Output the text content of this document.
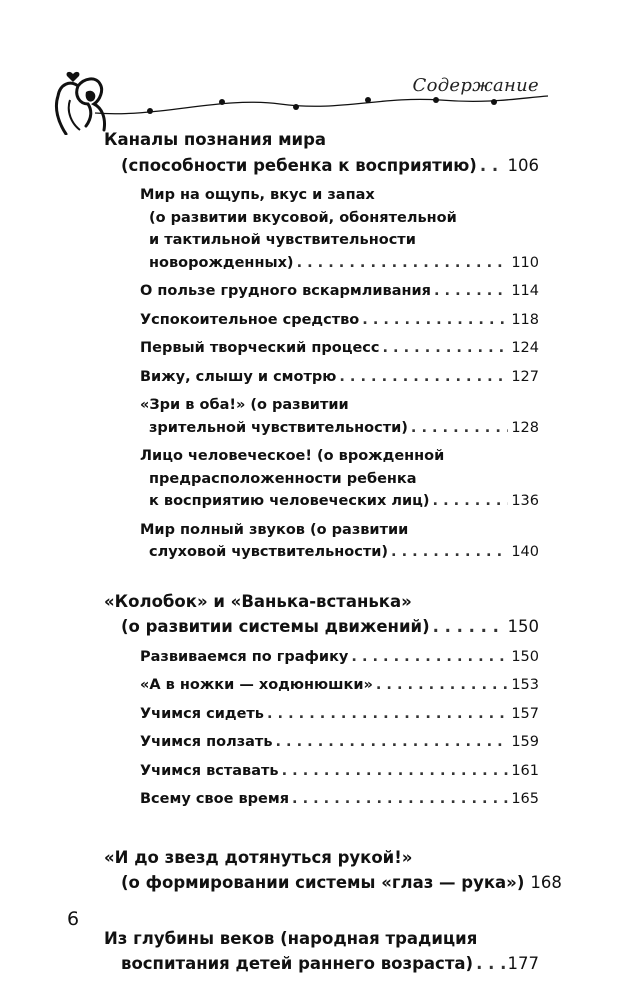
Содержание
Каналы познания мира
(способности ребенка к восприятию) . . . 106
Мир на ощупь, вкус и запах
(о развитии вкусовой, обонятельной
и тактильной чувствительности
новорожденных) . . .	110
О пользе грудного вскармливания . . .	114
Успокоительное средство . . .	118
Первый творческий процесс . . .	124
Вижу, слышу и смотрю . . .	127
«Зри в оба!» (о развитии
зрительной чувствительности) . . .	128
Лицо человеческое! (о врожденной
предрасположенности ребенка
к восприятию человеческих лиц) . . .	136
Мир полный звуков (о развитии
слуховой чувствительности) . . .	140
«Колобок» и «Ванька-встанька»
(о развитии системы движений) . . .	150
Развиваемся по графику . . .	150
«А в ножки — ходюнюшки» . . .	153
Учимся сидеть . . .	157
Учимся ползать . . .	159
Учимся вставать . . .	161
Всему свое время . . .	165
«И до звезд дотянуться рукой!»
(о формировании системы «глаз — рука») 168
Из глубины веков (народная традиция
воспитания детей раннего возраста) . . . 177
6
